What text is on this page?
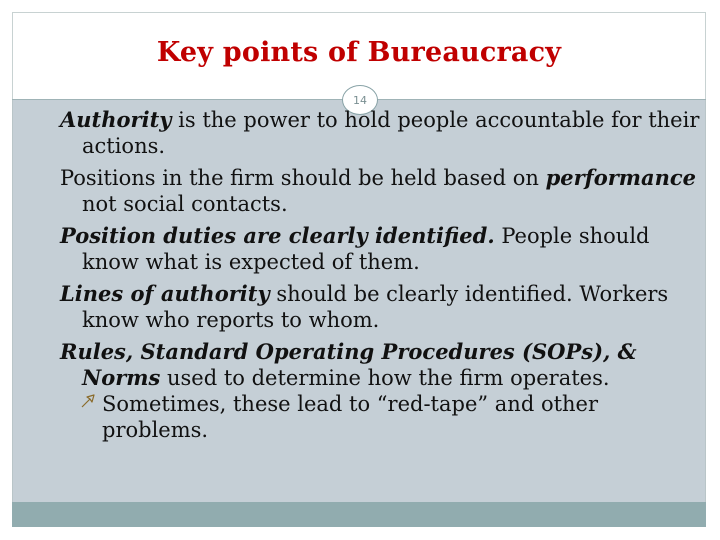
Key points of Bureaucracy
14

Authority is the power to hold people accountable for their actions.

Positions in the firm should be held based on performance not social contacts.

Position duties are clearly identified. People should know what is expected of them.

Lines of authority should be clearly identified. Workers know who reports to whom.

Rules, Standard Operating Procedures (SOPs), & Norms used to determine how the firm operates.

Sometimes, these lead to “red-tape” and other problems.
